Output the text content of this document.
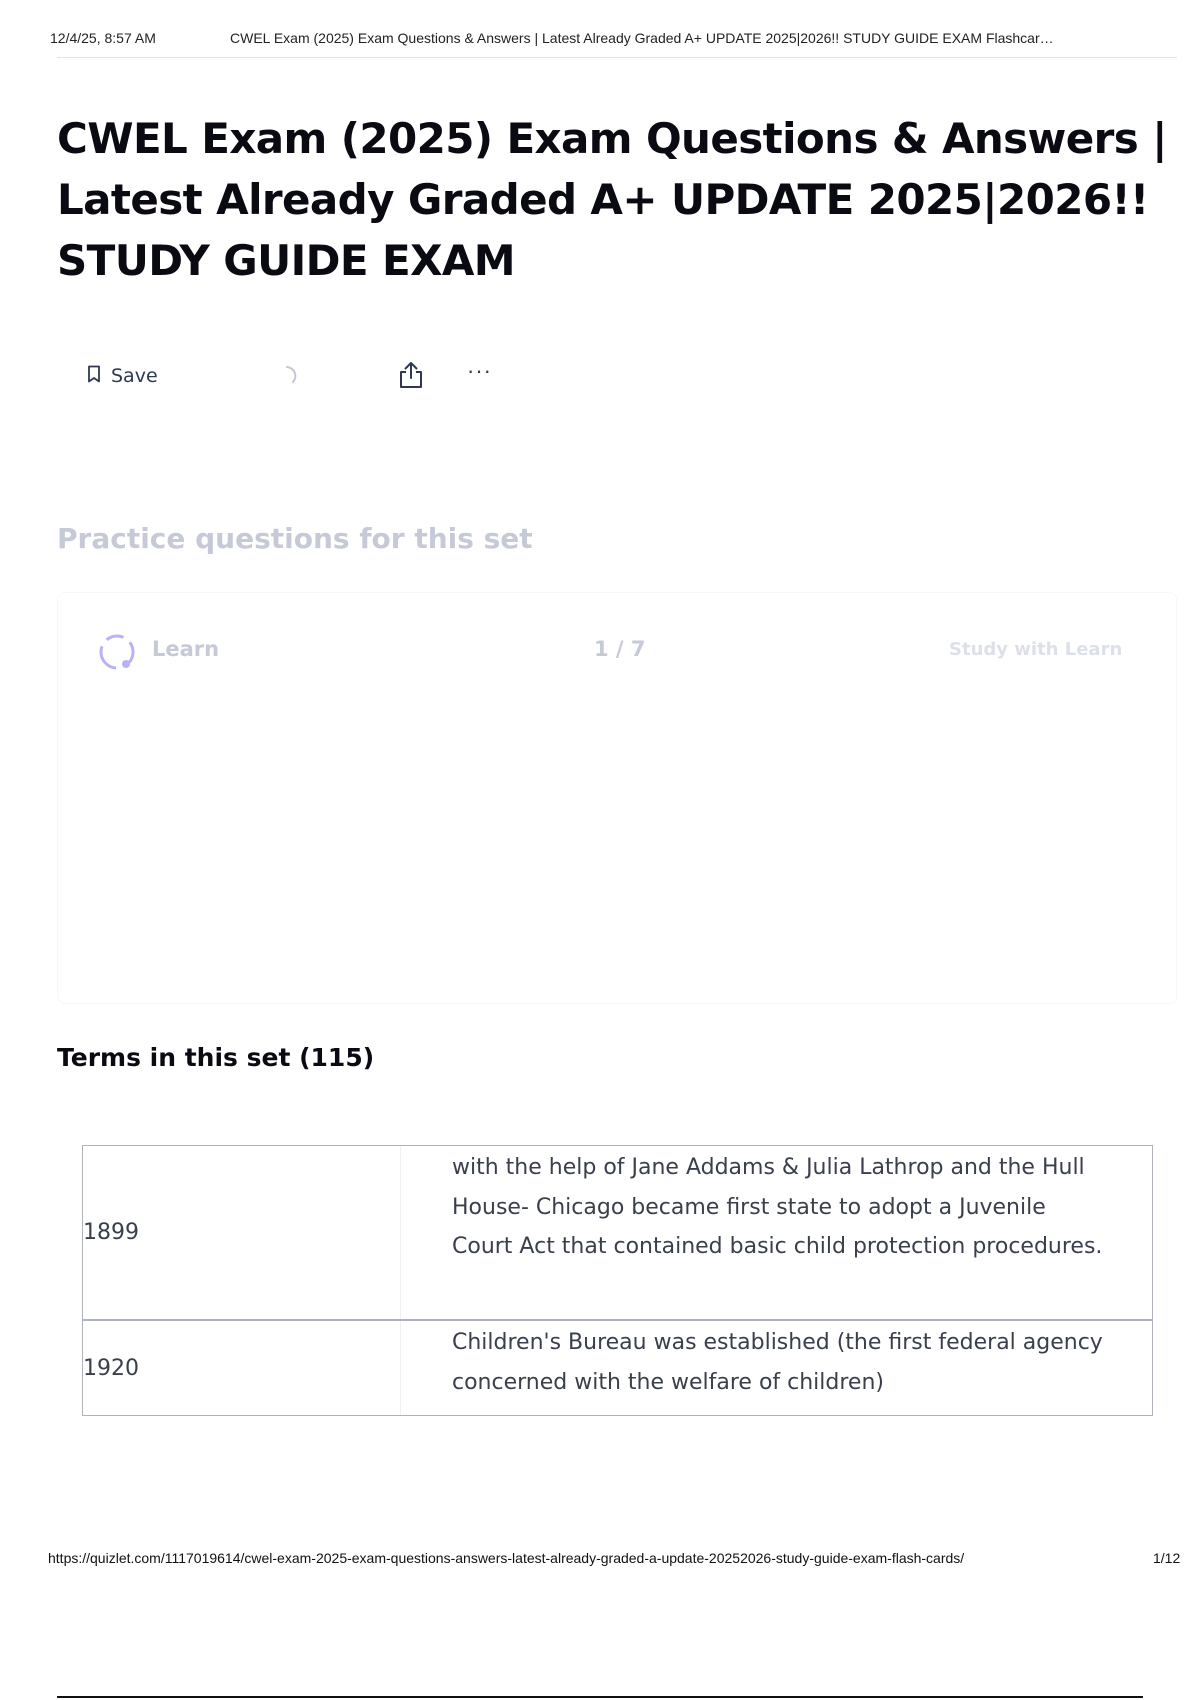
12/4/25, 8:57 AM	CWEL Exam (2025) Exam Questions & Answers | Latest Already Graded A+ UPDATE 2025|2026!! STUDY GUIDE EXAM Flashcar…
CWEL Exam (2025) Exam Questions & Answers | Latest Already Graded A+ UPDATE 2025|2026!! STUDY GUIDE EXAM
Save	···
Practice questions for this set
Learn	1 / 7	Study with Learn
Terms in this set (115)
1899
with the help of Jane Addams & Julia Lathrop and the Hull House- Chicago became first state to adopt a Juvenile Court Act that contained basic child protection procedures.
1920
Children's Bureau was established (the first federal agency concerned with the welfare of children)
https://quizlet.com/1117019614/cwel-exam-2025-exam-questions-answers-latest-already-graded-a-update-20252026-study-guide-exam-flash-cards/	1/12
